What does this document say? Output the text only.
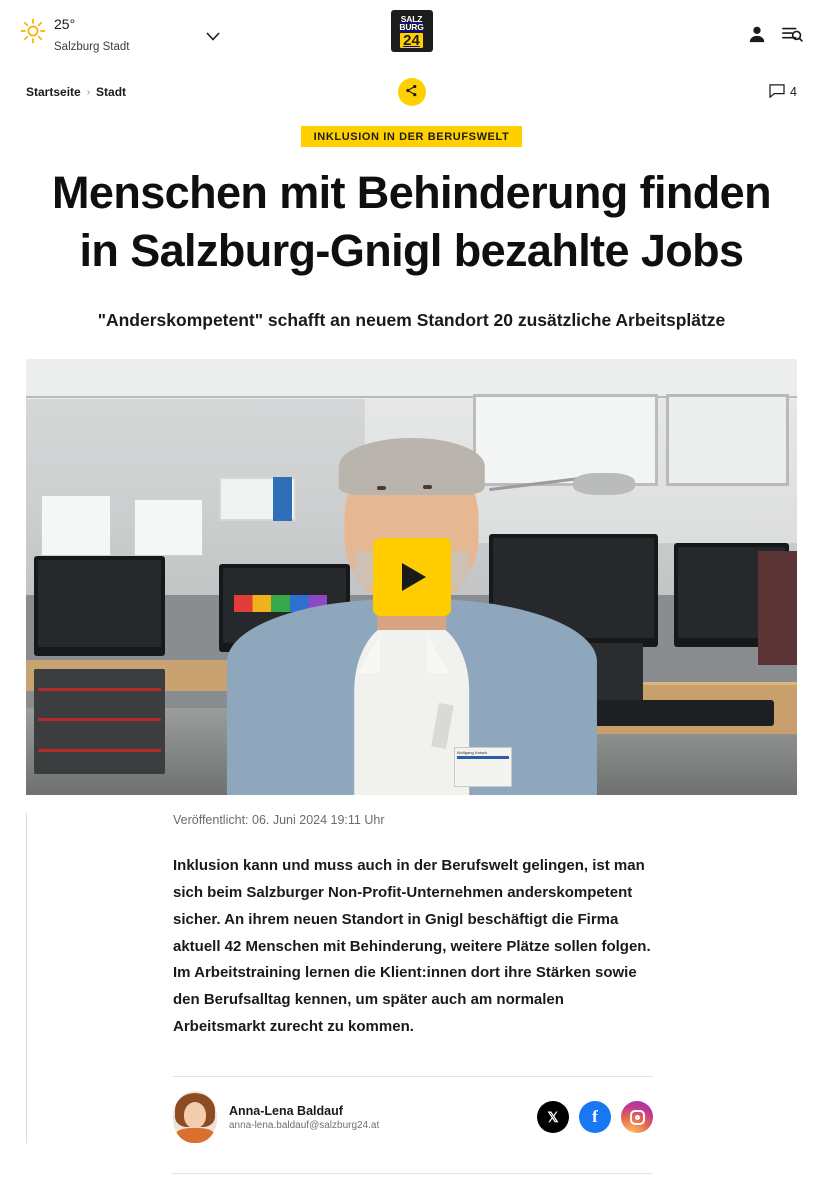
25°
Salzburg Stadt
SALZ
BURG
24
Startseite › Stadt	4
INKLUSION IN DER BERUFSWELT
Menschen mit Behinderung finden in Salzburg-Gnigl bezahlte Jobs
"Anderskompetent" schafft an neuem Standort 20 zusätzliche Arbeitsplätze
Wolfgang Kaiseh
Veröffentlicht: 06. Juni 2024 19:11 Uhr

Inklusion kann und muss auch in der Berufswelt gelingen, ist man sich beim Salzburger Non-Profit-Unternehmen anderskompetent sicher. An ihrem neuen Standort in Gnigl beschäftigt die Firma aktuell 42 Menschen mit Behinderung, weitere Plätze sollen folgen. Im Arbeitstraining lernen die Klient:innen dort ihre Stärken sowie den Berufsalltag kennen, um später auch am normalen Arbeitsmarkt zurecht zu kommen.

Anna-Lena Baldauf
anna-lena.baldauf@salzburg24.at
𝕏 f
